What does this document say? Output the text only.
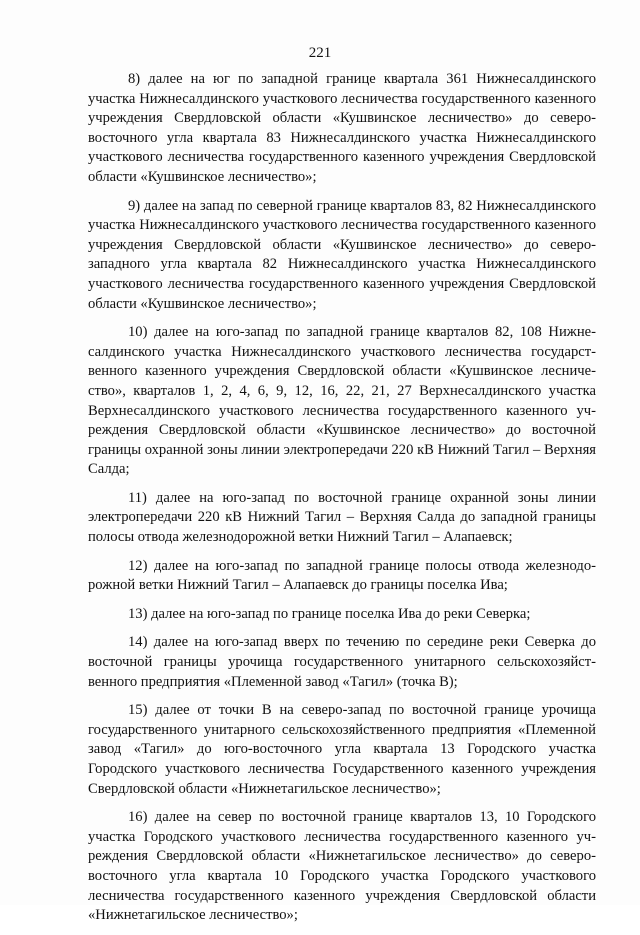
221

8) далее на юг по западной границе квартала 361 Нижнесалдинского участка Нижнесалдинского участкового лесничества государственного казенного учреждения Свердловской области «Кушвинское лесничество» до северо-восточного угла квартала 83 Нижнесалдинского участка Нижнесалдинского участкового лесничества государственного казенного учреждения Свердловской области «Кушвинское лесничество»;

9) далее на запад по северной границе кварталов 83, 82 Нижнесалдинского участка Нижнесалдинского участкового лесничества государственного казенного учреждения Свердловской области «Кушвинское лесничество» до северо-западного угла квартала 82 Нижнесалдинского участка Нижнесалдинского участкового лесничества государственного казенного учреждения Свердловской области «Кушвинское лесничество»;

10) далее на юго-запад по западной границе кварталов 82, 108 Нижнесалдинского участка Нижнесалдинского участкового лесничества государственного казенного учреждения Свердловской области «Кушвинское лесничество», кварталов 1, 2, 4, 6, 9, 12, 16, 22, 21, 27 Верхнесалдинского участка Верхнесалдинского участкового лесничества государственного казенного учреждения Свердловской области «Кушвинское лесничество» до восточной границы охранной зоны линии электропередачи 220 кВ Нижний Тагил – Верхняя Салда;

11) далее на юго-запад по восточной границе охранной зоны линии электропередачи 220 кВ Нижний Тагил – Верхняя Салда до западной границы полосы отвода железнодорожной ветки Нижний Тагил – Алапаевск;

12) далее на юго-запад по западной границе полосы отвода железнодорожной ветки Нижний Тагил – Алапаевск до границы поселка Ива;

13) далее на юго-запад по границе поселка Ива до реки Северка;

14) далее на юго-запад вверх по течению по середине реки Северка до восточной границы урочища государственного унитарного сельскохозяйственного предприятия «Племенной завод «Тагил» (точка В);

15) далее от точки В на северо-запад по восточной границе урочища государственного унитарного сельскохозяйственного предприятия «Племенной завод «Тагил» до юго-восточного угла квартала 13 Городского участка Городского участкового лесничества Государственного казенного учреждения Свердловской области «Нижнетагильское лесничество»;

16) далее на север по восточной границе кварталов 13, 10 Городского участка Городского участкового лесничества государственного казенного учреждения Свердловской области «Нижнетагильское лесничество» до северо-восточного угла квартала 10 Городского участка Городского участкового лесничества государственного казенного учреждения Свердловской области «Нижнетагильское лесничество»;
